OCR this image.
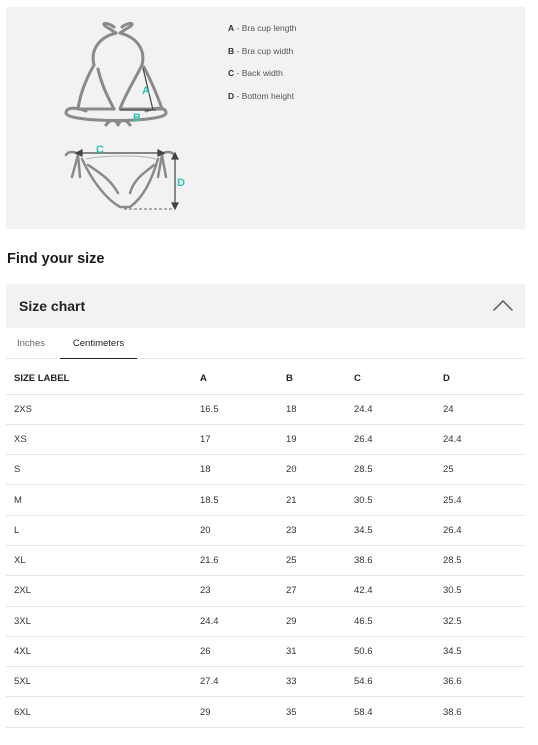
A
B
C
D
A - Bra cup length
B - Bra cup width
C - Back width
D - Bottom height
Find your size
Size chart
Inches	Centimeters
SIZE LABEL	A	B	C	D
2XS	16.5	18	24.4	24
XS	17	19	26.4	24.4
S	18	20	28.5	25
M	18.5	21	30.5	25.4
L	20	23	34.5	26.4
XL	21.6	25	38.6	28.5
2XL	23	27	42.4	30.5
3XL	24.4	29	46.5	32.5
4XL	26	31	50.6	34.5
5XL	27.4	33	54.6	36.6
6XL	29	35	58.4	38.6
